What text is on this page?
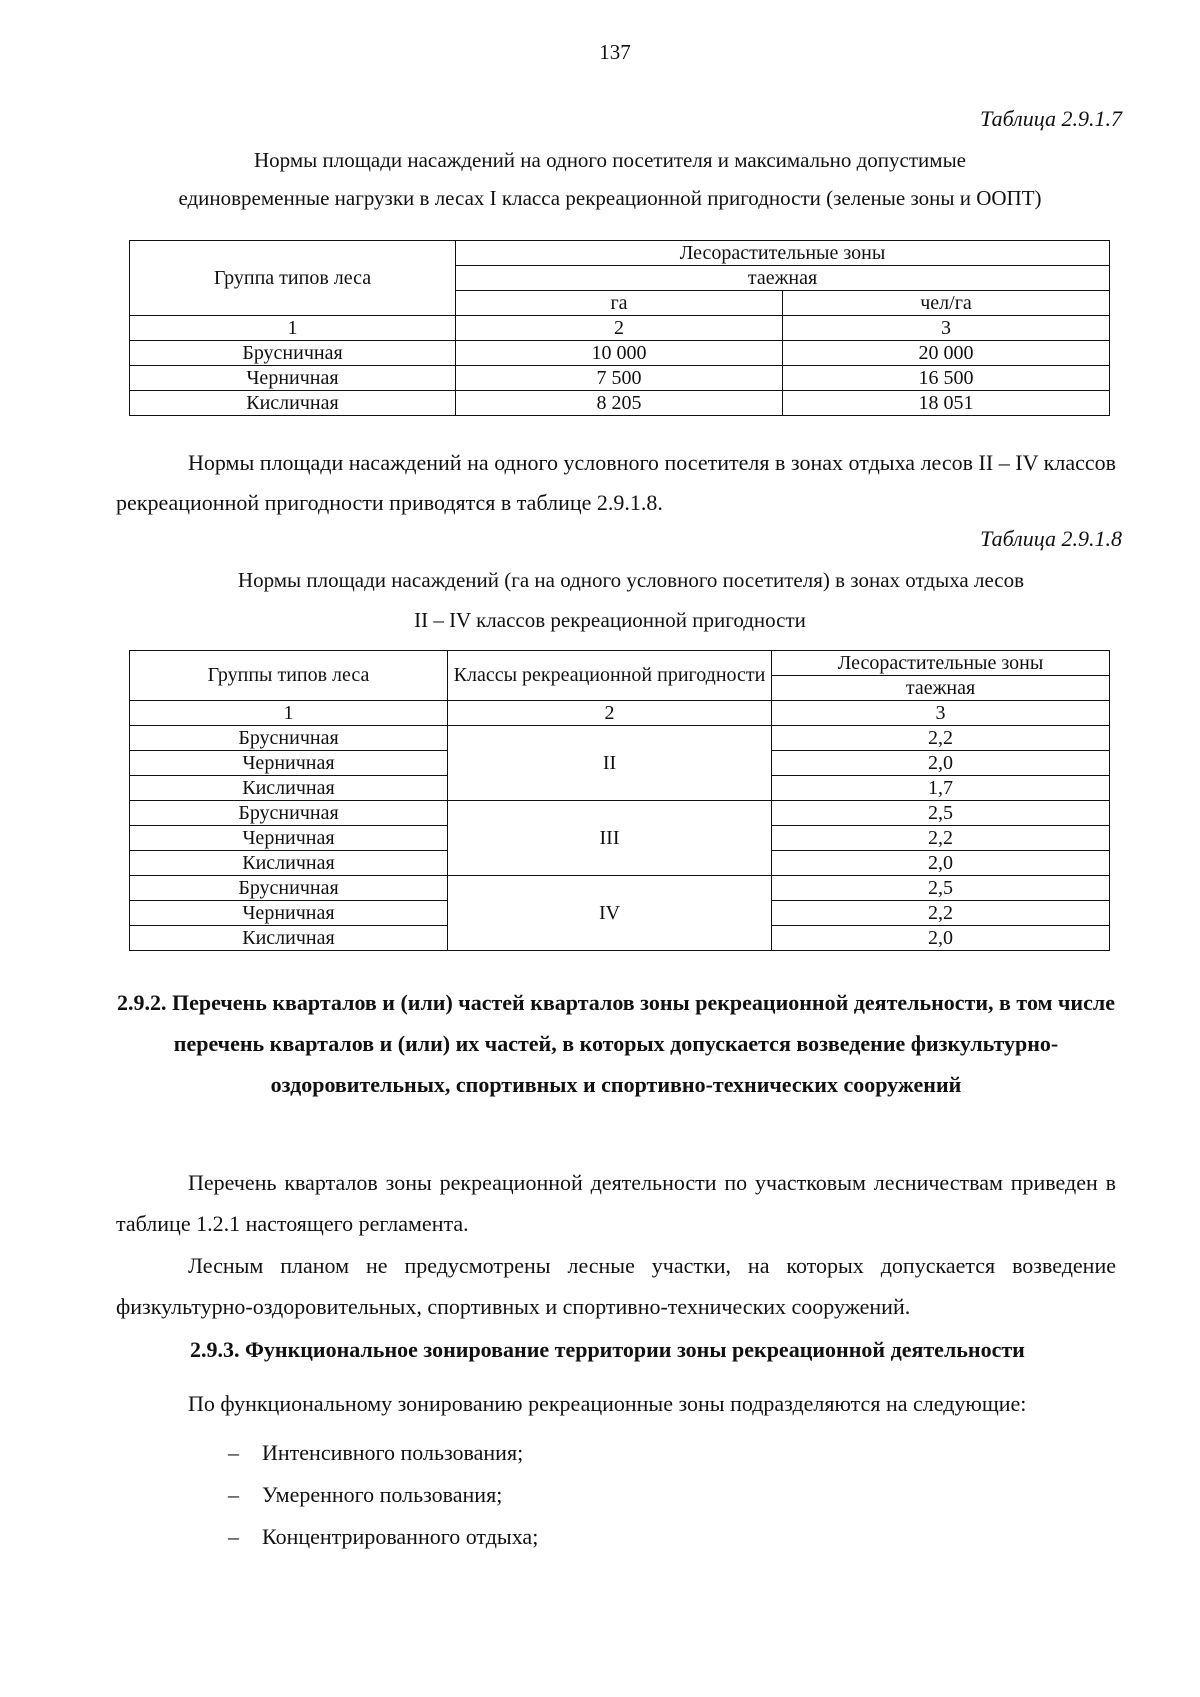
137
Таблица 2.9.1.7
Нормы площади насаждений на одного посетителя и максимально допустимые
единовременные нагрузки в лесах I класса рекреационной пригодности (зеленые зоны и ООПТ)
Группа типов леса	Лесорастительные зоны	
	таежная	
	га	чел/га
1	2	3
Брусничная	10 000	20 000
Черничная	7 500	16 500
Кисличная	8 205	18 051
Нормы площади насаждений на одного условного посетителя в зонах отдыха лесов II – IV классов рекреационной пригодности приводятся в таблице 2.9.1.8.
Таблица 2.9.1.8
Нормы площади насаждений (га на одного условного посетителя) в зонах отдыха лесов
II – IV классов рекреационной пригодности
Группы типов леса	Классы рекреационной пригодности	Лесорастительные зоны
		таежная
1	2	3
Брусничная	II	2,2
Черничная		2,0
Кисличная		1,7
Брусничная	III	2,5
Черничная		2,2
Кисличная		2,0
Брусничная	IV	2,5
Черничная		2,2
Кисличная		2,0
2.9.2. Перечень кварталов и (или) частей кварталов зоны рекреационной деятельности, в том числе перечень кварталов и (или) их частей, в которых допускается возведение физкультурно-оздоровительных, спортивных и спортивно-технических сооружений
Перечень кварталов зоны рекреационной деятельности по участковым лесничествам приведен в таблице 1.2.1 настоящего регламента.
Лесным планом не предусмотрены лесные участки, на которых допускается возведение физкультурно-оздоровительных, спортивных и спортивно-технических сооружений.
2.9.3. Функциональное зонирование территории зоны рекреационной деятельности
По функциональному зонированию рекреационные зоны подразделяются на следующие:
– Интенсивного пользования;
– Умеренного пользования;
– Концентрированного отдыха;
